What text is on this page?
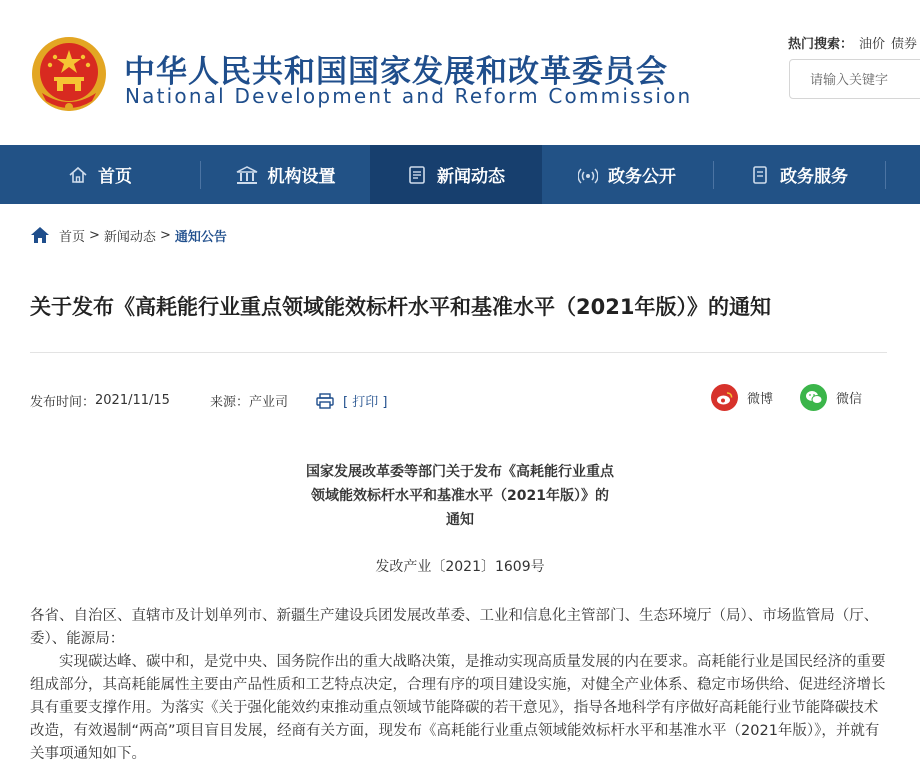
中华人民共和国国家发展和改革委员会
National Development and Reform Commission
热门搜索： 油价 债券
请输入关键字
首页	机构设置	新闻动态	政务公开	政务服务
首页 > 新闻动态 > 通知公告
关于发布《高耗能行业重点领域能效标杆水平和基准水平（2021年版）》的通知
发布时间： 2021/11/15	来源： 产业司	[ 打印 ]	微博	微信
国家发展改革委等部门关于发布《高耗能行业重点
领域能效标杆水平和基准水平（2021年版）》的
通知
发改产业〔2021〕1609号
各省、自治区、直辖市及计划单列市、新疆生产建设兵团发展改革委、工业和信息化主管部门、生态环境厅（局）、市场监管局（厅、委）、能源局：
实现碳达峰、碳中和，是党中央、国务院作出的重大战略决策，是推动实现高质量发展的内在要求。高耗能行业是国民经济的重要组成部分，其高耗能属性主要由产品性质和工艺特点决定，合理有序的项目建设实施，对健全产业体系、稳定市场供给、促进经济增长具有重要支撑作用。为落实《关于强化能效约束推动重点领域节能降碳的若干意见》，指导各地科学有序做好高耗能行业节能降碳技术改造，有效遏制“两高”项目盲目发展，经商有关方面，现发布《高耗能行业重点领域能效标杆水平和基准水平（2021年版）》，并就有关事项通知如下。
